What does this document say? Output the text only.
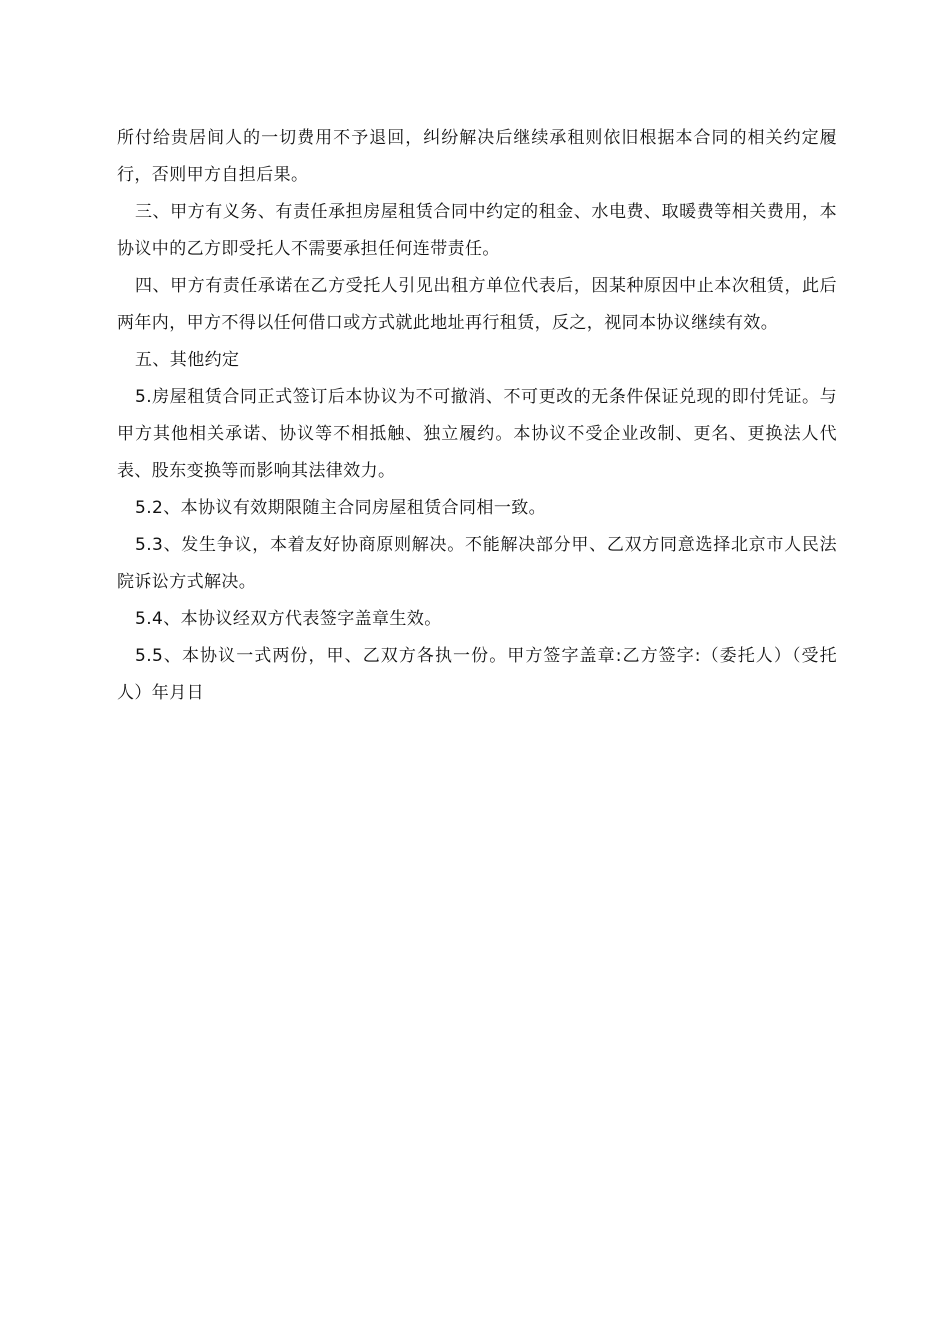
所付给贵居间人的一切费用不予退回，纠纷解决后继续承租则依旧根据本合同的相关约定履行，否则甲方自担后果。

三、甲方有义务、有责任承担房屋租赁合同中约定的租金、水电费、取暖费等相关费用，本协议中的乙方即受托人不需要承担任何连带责任。

四、甲方有责任承诺在乙方受托人引见出租方单位代表后，因某种原因中止本次租赁，此后两年内，甲方不得以任何借口或方式就此地址再行租赁，反之，视同本协议继续有效。

五、其他约定

5.房屋租赁合同正式签订后本协议为不可撤消、不可更改的无条件保证兑现的即付凭证。与甲方其他相关承诺、协议等不相抵触、独立履约。本协议不受企业改制、更名、更换法人代表、股东变换等而影响其法律效力。

5.2、本协议有效期限随主合同房屋租赁合同相一致。

5.3、发生争议，本着友好协商原则解决。不能解决部分甲、乙双方同意选择北京市人民法院诉讼方式解决。

5.4、本协议经双方代表签字盖章生效。

5.5、本协议一式两份，甲、乙双方各执一份。甲方签字盖章:乙方签字:（委托人）（受托人）年月日
